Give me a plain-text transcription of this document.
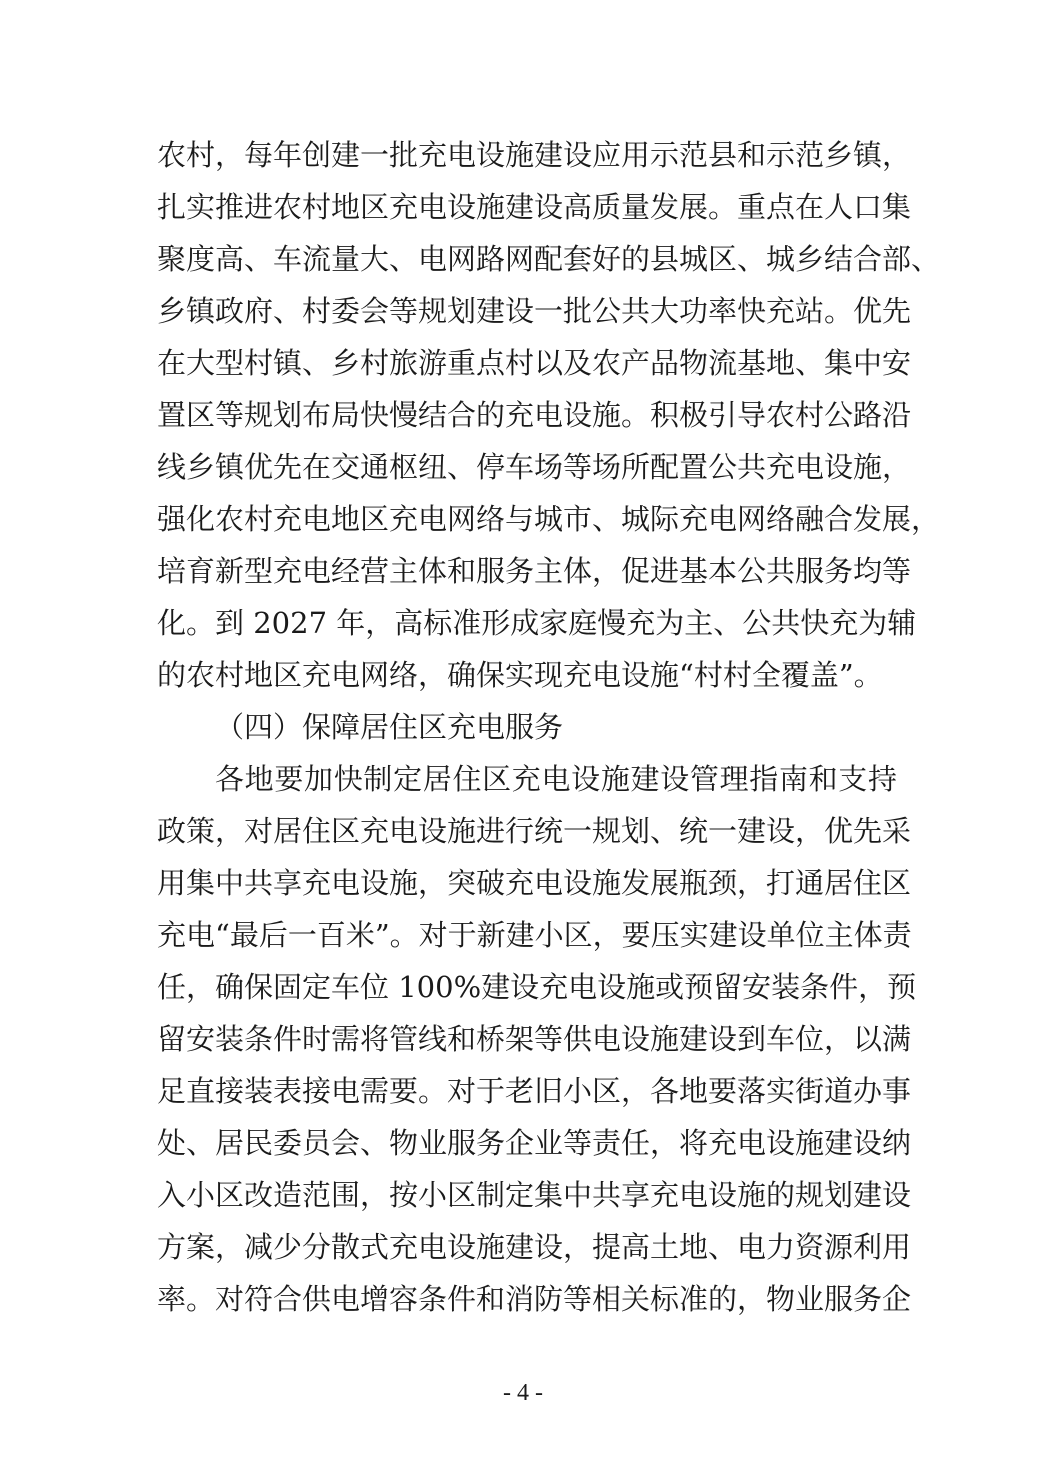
农村，每年创建一批充电设施建设应用示范县和示范乡镇，
扎实推进农村地区充电设施建设高质量发展。重点在人口集
聚度高、车流量大、电网路网配套好的县城区、城乡结合部、
乡镇政府、村委会等规划建设一批公共大功率快充站。优先
在大型村镇、乡村旅游重点村以及农产品物流基地、集中安
置区等规划布局快慢结合的充电设施。积极引导农村公路沿
线乡镇优先在交通枢纽、停车场等场所配置公共充电设施，
强化农村充电地区充电网络与城市、城际充电网络融合发展，
培育新型充电经营主体和服务主体，促进基本公共服务均等
化。到 2027 年，高标准形成家庭慢充为主、公共快充为辅
的农村地区充电网络，确保实现充电设施“村村全覆盖”。
（四）保障居住区充电服务
各地要加快制定居住区充电设施建设管理指南和支持
政策，对居住区充电设施进行统一规划、统一建设，优先采
用集中共享充电设施，突破充电设施发展瓶颈，打通居住区
充电“最后一百米”。对于新建小区，要压实建设单位主体责
任，确保固定车位 100%建设充电设施或预留安装条件，预
留安装条件时需将管线和桥架等供电设施建设到车位，以满
足直接装表接电需要。对于老旧小区，各地要落实街道办事
处、居民委员会、物业服务企业等责任，将充电设施建设纳
入小区改造范围，按小区制定集中共享充电设施的规划建设
方案，减少分散式充电设施建设，提高土地、电力资源利用
率。对符合供电增容条件和消防等相关标准的，物业服务企
- 4 -
